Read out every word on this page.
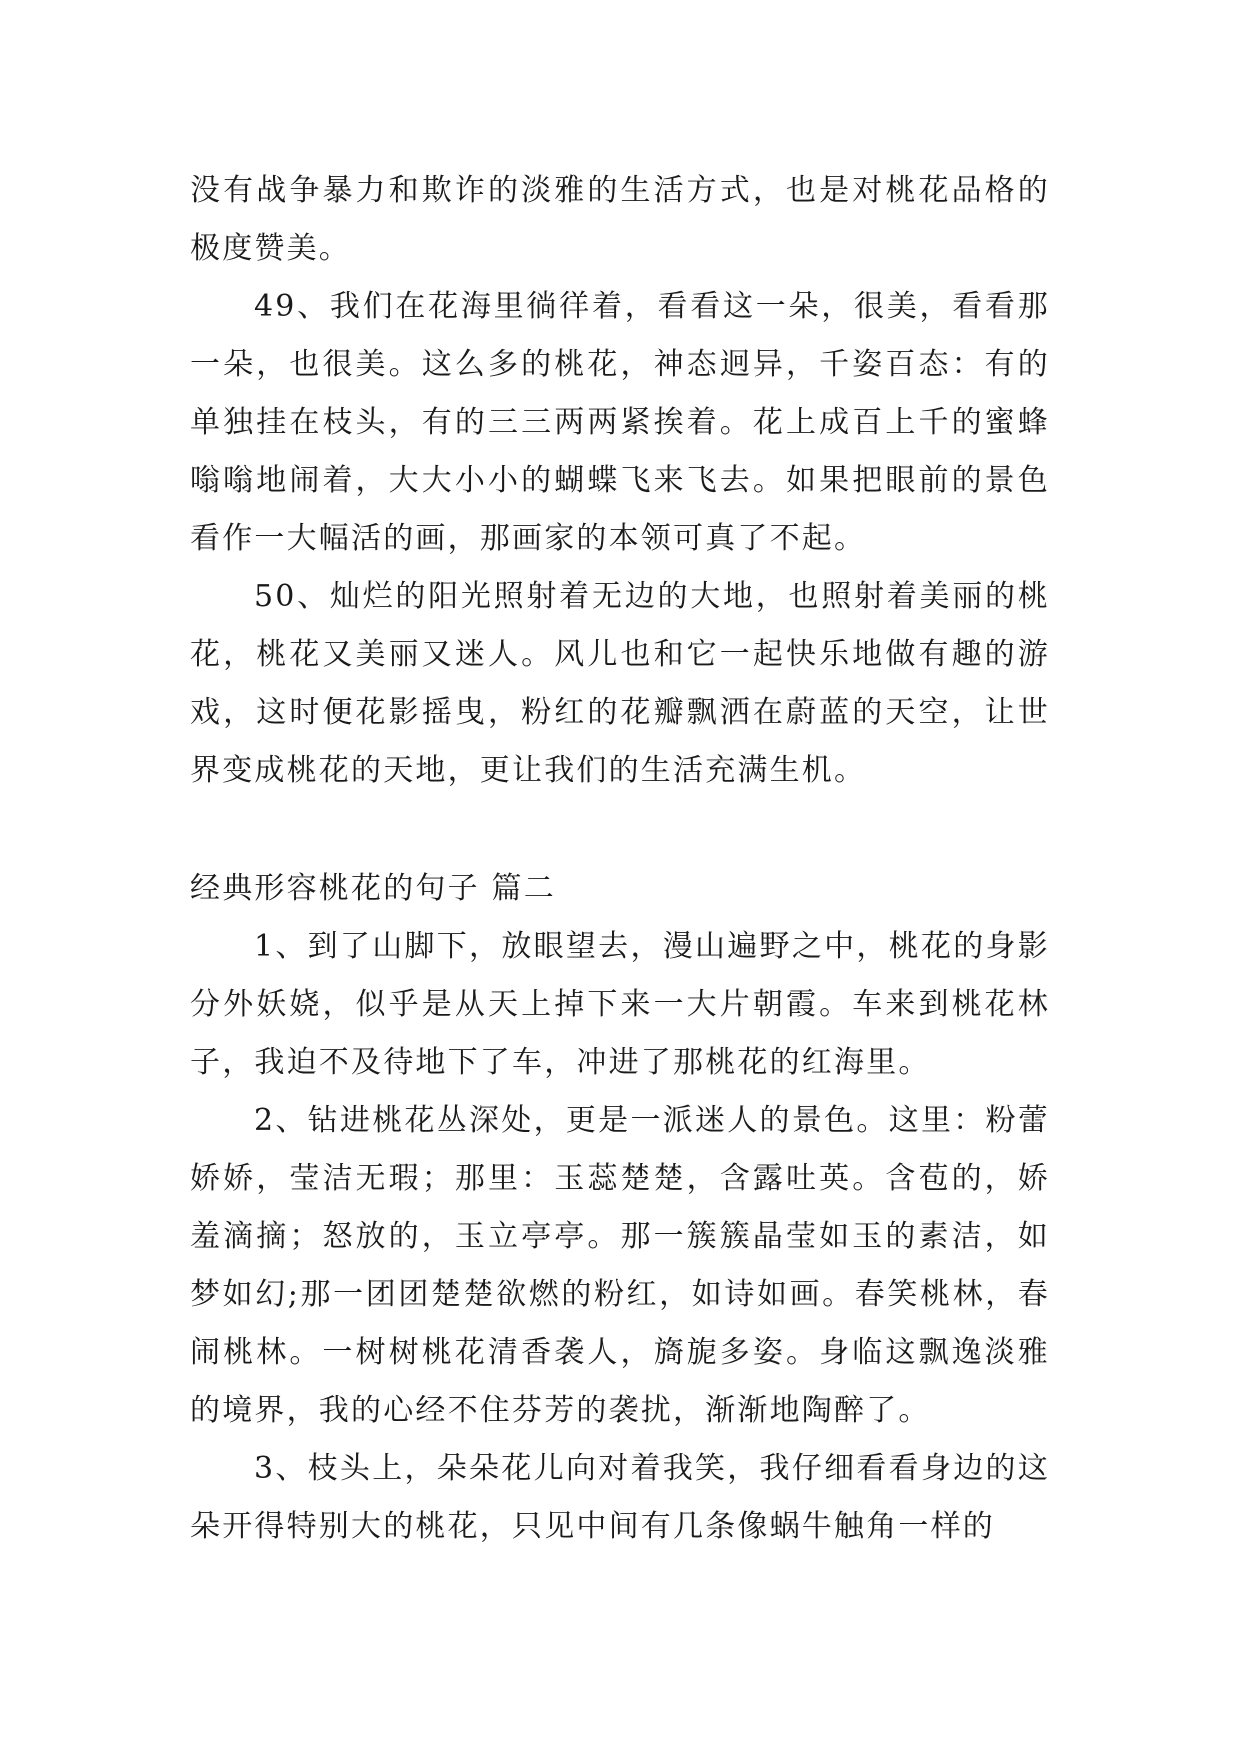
没有战争暴力和欺诈的淡雅的生活方式，也是对桃花品格的极度赞美。

49、我们在花海里徜徉着，看看这一朵，很美，看看那一朵，也很美。这么多的桃花，神态迥异，千姿百态：有的单独挂在枝头，有的三三两两紧挨着。花上成百上千的蜜蜂嗡嗡地闹着，大大小小的蝴蝶飞来飞去。如果把眼前的景色看作一大幅活的画，那画家的本领可真了不起。

50、灿烂的阳光照射着无边的大地，也照射着美丽的桃花，桃花又美丽又迷人。风儿也和它一起快乐地做有趣的游戏，这时便花影摇曳，粉红的花瓣飘洒在蔚蓝的天空，让世界变成桃花的天地，更让我们的生活充满生机。

经典形容桃花的句子 篇二

1、到了山脚下，放眼望去，漫山遍野之中，桃花的身影分外妖娆，似乎是从天上掉下来一大片朝霞。车来到桃花林子，我迫不及待地下了车，冲进了那桃花的红海里。

2、钻进桃花丛深处，更是一派迷人的景色。这里：粉蕾娇娇，莹洁无瑕；那里：玉蕊楚楚，含露吐英。含苞的，娇羞滴摘；怒放的，玉立亭亭。那一簇簇晶莹如玉的素洁，如梦如幻;那一团团楚楚欲燃的粉红，如诗如画。春笑桃林，春闹桃林。一树树桃花清香袭人，旖旎多姿。身临这飘逸淡雅的境界，我的心经不住芬芳的袭扰，渐渐地陶醉了。

3、枝头上，朵朵花儿向对着我笑，我仔细看看身边的这朵开得特别大的桃花，只见中间有几条像蜗牛触角一样的
